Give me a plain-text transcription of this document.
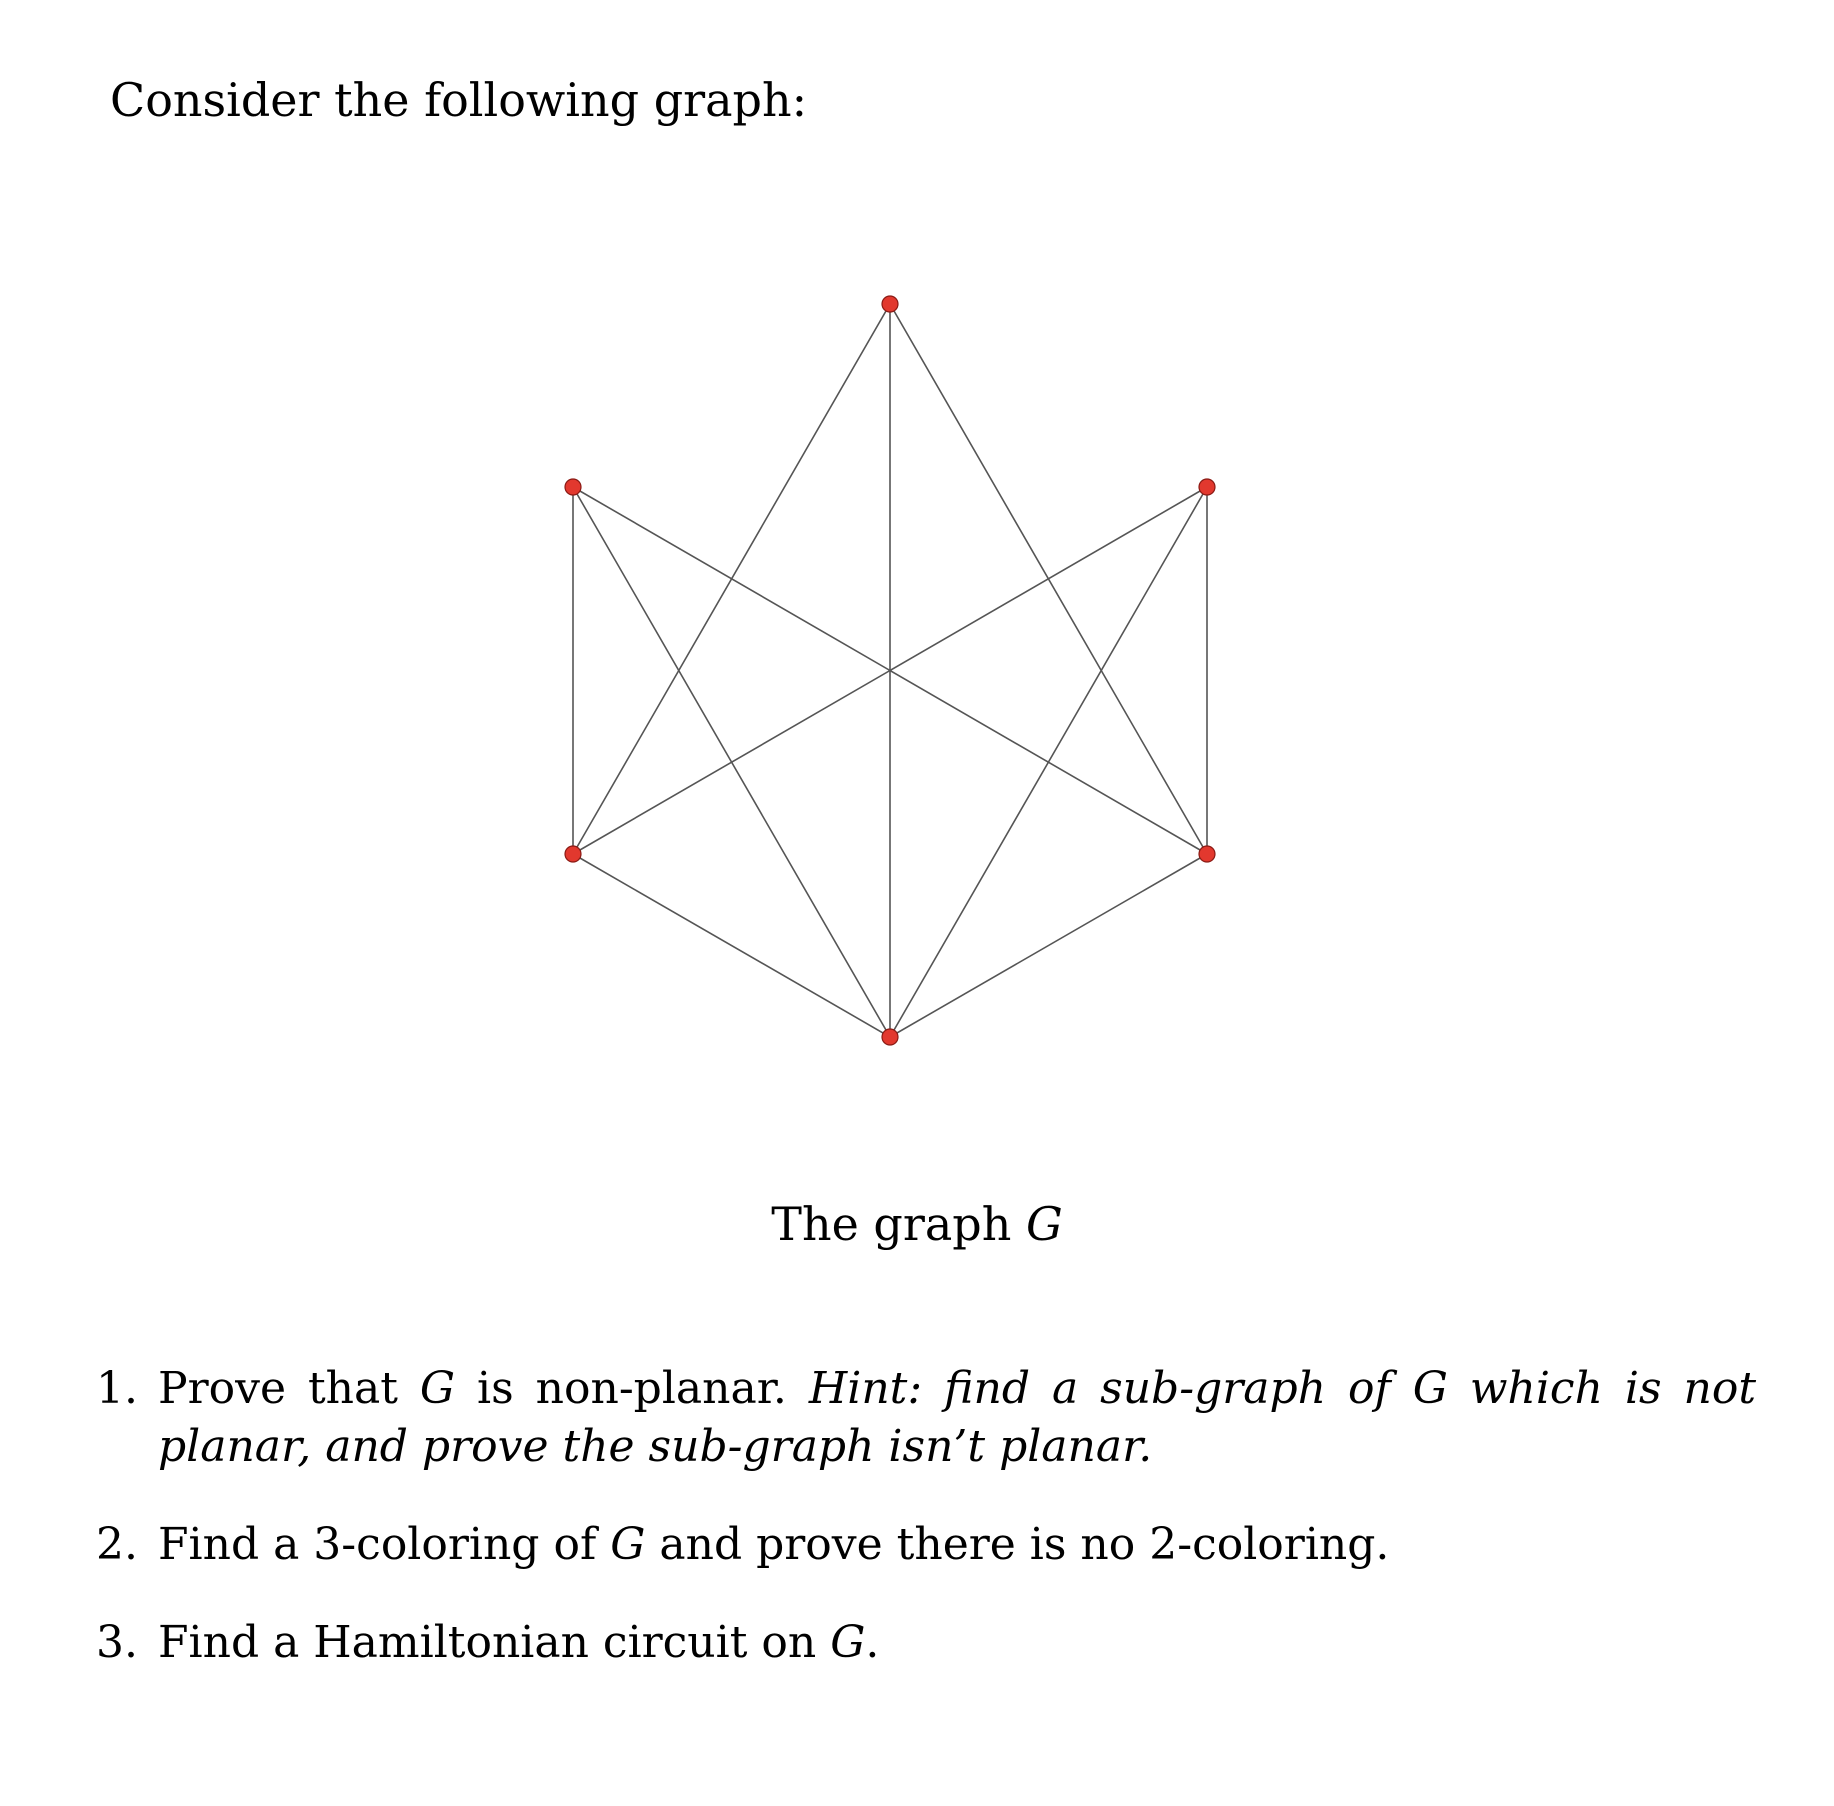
Consider the following graph:
The graph G
1. Prove that G is non-planar. Hint: find a sub-graph of G which is not planar, and prove the sub-graph isn’t planar.
2. Find a 3-coloring of G and prove there is no 2-coloring.
3. Find a Hamiltonian circuit on G.
